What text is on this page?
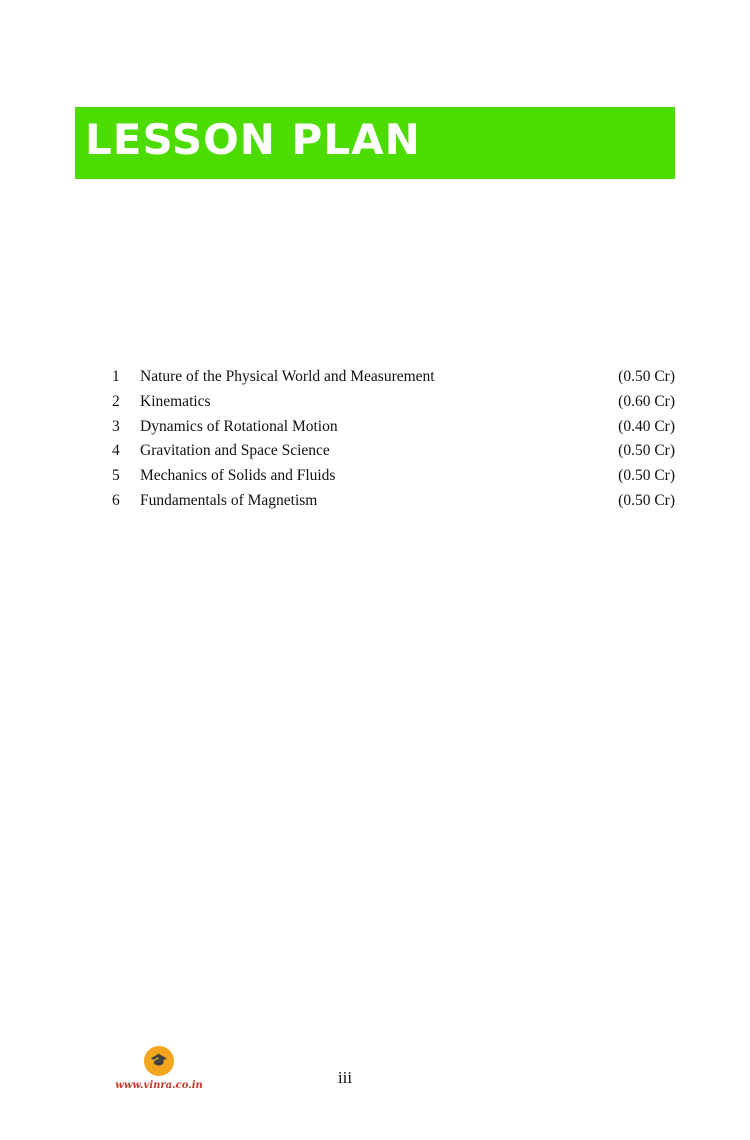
LESSON PLAN
1	Nature of the Physical World and Measurement	(0.50 Cr)
2	Kinematics	(0.60 Cr)
3	Dynamics of Rotational Motion	(0.40 Cr)
4	Gravitation and Space Science	(0.50 Cr)
5	Mechanics of Solids and Fluids	(0.50 Cr)
6	Fundamentals of Magnetism	(0.50 Cr)
🎓
www.vinra.co.in	iii
